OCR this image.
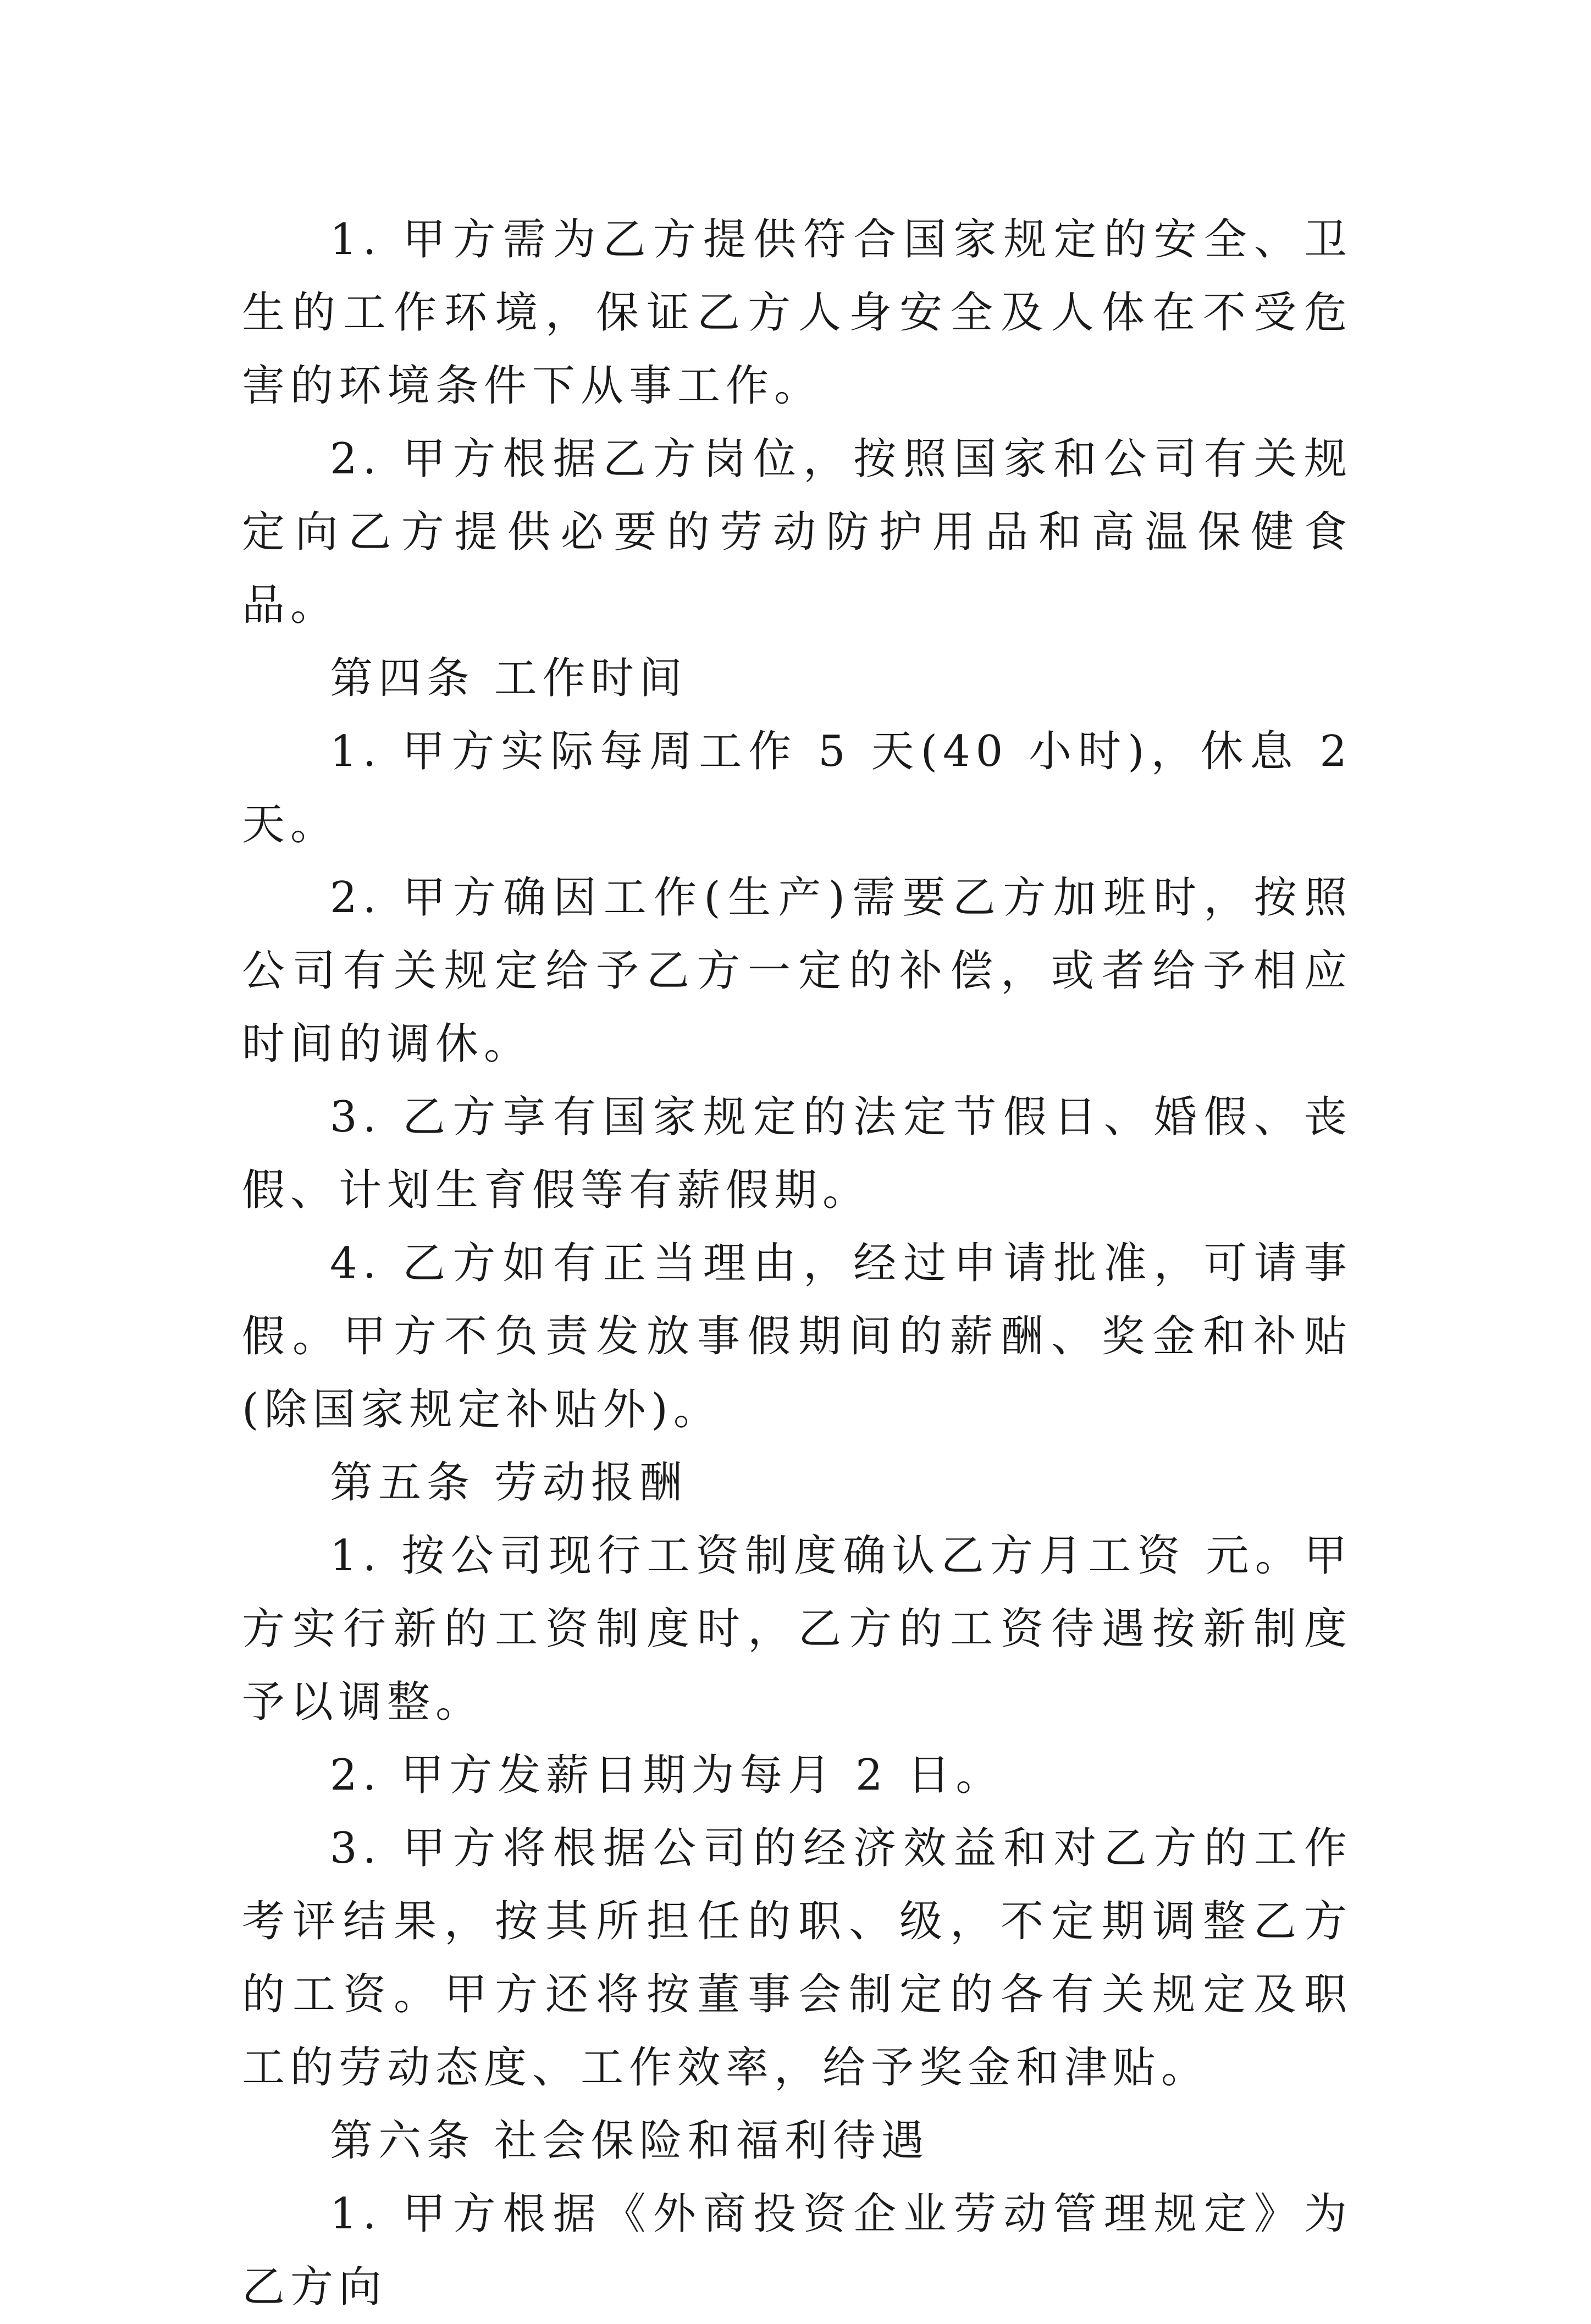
1. 甲方需为乙方提供符合国家规定的安全、卫生的工作环境，保证乙方人身安全及人体在不受危害的环境条件下从事工作。

2. 甲方根据乙方岗位，按照国家和公司有关规定向乙方提供必要的劳动防护用品和高温保健食品。

第四条 工作时间

1. 甲方实际每周工作 5 天(40 小时)，休息 2 天。

2. 甲方确因工作(生产)需要乙方加班时，按照公司有关规定给予乙方一定的补偿，或者给予相应时间的调休。

3. 乙方享有国家规定的法定节假日、婚假、丧假、计划生育假等有薪假期。

4. 乙方如有正当理由，经过申请批准，可请事假。甲方不负责发放事假期间的薪酬、奖金和补贴(除国家规定补贴外)。

第五条 劳动报酬

1. 按公司现行工资制度确认乙方月工资 元。甲方实行新的工资制度时，乙方的工资待遇按新制度予以调整。

2. 甲方发薪日期为每月 2 日。

3. 甲方将根据公司的经济效益和对乙方的工作考评结果，按其所担任的职、级，不定期调整乙方的工资。甲方还将按董事会制定的各有关规定及职工的劳动态度、工作效率，给予奖金和津贴。

第六条 社会保险和福利待遇

1. 甲方根据《外商投资企业劳动管理规定》为乙方向
